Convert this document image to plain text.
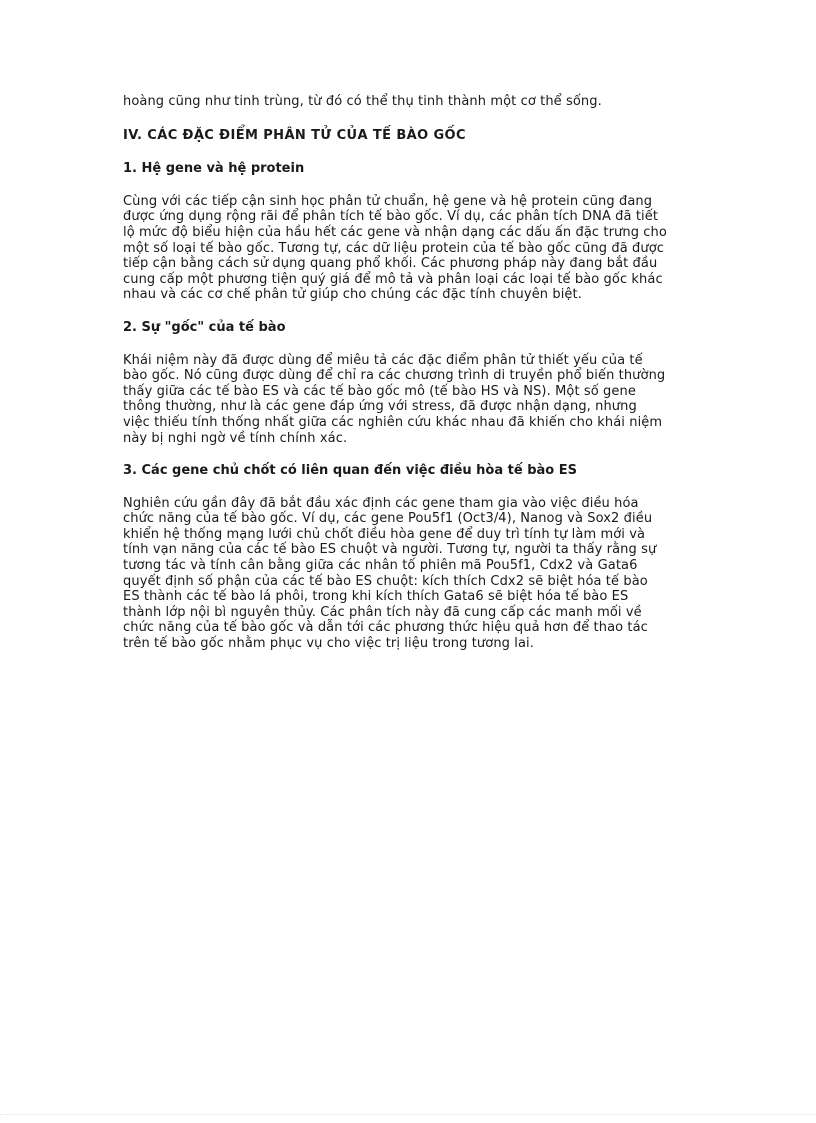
hoàng cũng như tinh trùng, từ đó có thể thụ tinh thành một cơ thể sống.

IV. CÁC ĐẶC ĐIỂM PHÂN TỬ CỦA TẾ BÀO GỐC
1. Hệ gene và hệ protein

Cùng với các tiếp cận sinh học phân tử chuẩn, hệ gene và hệ protein cũng đang
được ứng dụng rộng rãi để phân tích tế bào gốc. Ví dụ, các phân tích DNA đã tiết
lộ mức độ biểu hiện của hầu hết các gene và nhận dạng các dấu ấn đặc trưng cho
một số loại tế bào gốc. Tương tự, các dữ liệu protein của tế bào gốc cũng đã được
tiếp cận bằng cách sử dụng quang phổ khối. Các phương pháp này đang bắt đầu
cung cấp một phương tiện quý giá để mô tả và phân loại các loại tế bào gốc khác
nhau và các cơ chế phân tử giúp cho chúng các đặc tính chuyên biệt.

2. Sự "gốc" của tế bào

Khái niệm này đã được dùng để miêu tả các đặc điểm phân tử thiết yếu của tế
bào gốc. Nó cũng được dùng để chỉ ra các chương trình di truyền phổ biến thường
thấy giữa các tế bào ES và các tế bào gốc mô (tế bào HS và NS). Một số gene
thông thường, như là các gene đáp ứng với stress, đã được nhận dạng, nhưng
việc thiếu tính thống nhất giữa các nghiên cứu khác nhau đã khiến cho khái niệm
này bị nghi ngờ về tính chính xác.

3. Các gene chủ chốt có liên quan đến việc điều hòa tế bào ES

Nghiên cứu gần đây đã bắt đầu xác định các gene tham gia vào việc điều hóa
chức năng của tế bào gốc. Ví dụ, các gene Pou5f1 (Oct3/4), Nanog và Sox2 điều
khiển hệ thống mạng lưới chủ chốt điều hòa gene để duy trì tính tự làm mới và
tính vạn năng của các tế bào ES chuột và người. Tương tự, người ta thấy rằng sự
tương tác và tính cân bằng giữa các nhân tố phiên mã Pou5f1, Cdx2 và Gata6
quyết định số phận của các tế bào ES chuột: kích thích Cdx2 sẽ biệt hóa tế bào
ES thành các tế bào lá phôi, trong khi kích thích Gata6 sẽ biệt hóa tế bào ES
thành lớp nội bì nguyên thủy. Các phân tích này đã cung cấp các manh mối về
chức năng của tế bào gốc và dẫn tới các phương thức hiệu quả hơn để thao tác
trên tế bào gốc nhằm phục vụ cho việc trị liệu trong tương lai.
